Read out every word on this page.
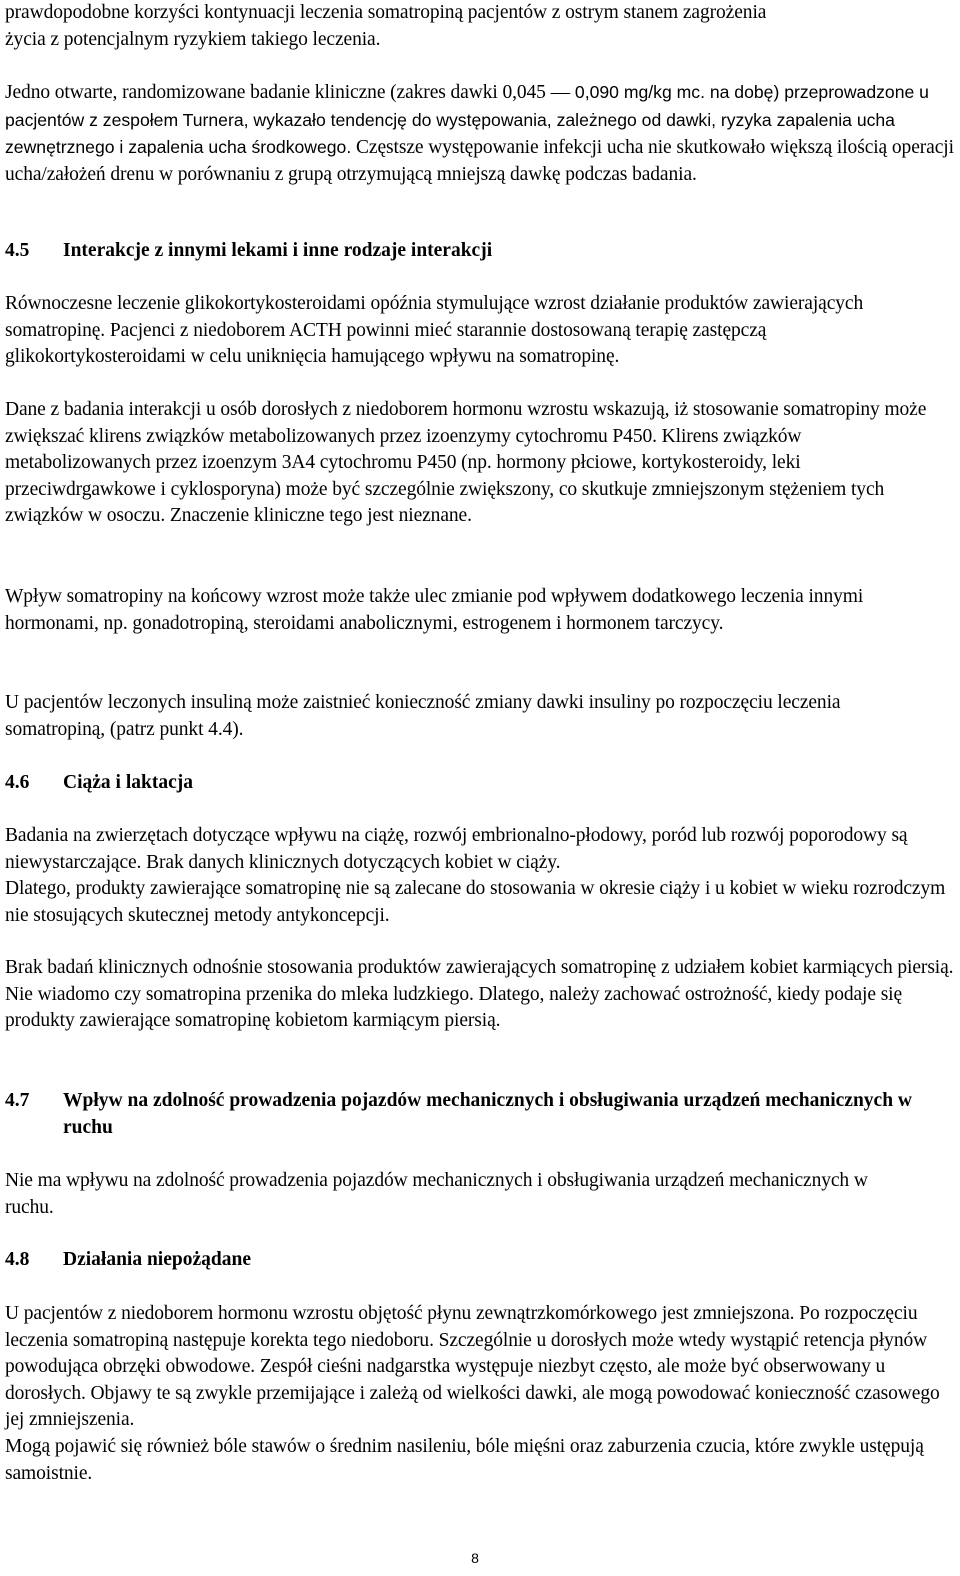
prawdopodobne korzyści kontynuacji leczenia somatropiną pacjentów z ostrym stanem zagrożenia
życia z potencjalnym ryzykiem takiego leczenia.

Jedno otwarte, randomizowane badanie kliniczne (zakres dawki 0,045 — 0,090 mg/kg mc. na dobę) przeprowadzone u pacjentów z zespołem Turnera, wykazało tendencję do występowania, zależnego od dawki, ryzyka zapalenia ucha zewnętrznego i zapalenia ucha środkowego. Częstsze występowanie infekcji ucha nie skutkowało większą ilością operacji ucha/założeń drenu w porównaniu z grupą otrzymującą mniejszą dawkę podczas badania.

4.5 Interakcje z innymi lekami i inne rodzaje interakcji

Równoczesne leczenie glikokortykosteroidami opóźnia stymulujące wzrost działanie produktów zawierających somatropinę. Pacjenci z niedoborem ACTH powinni mieć starannie dostosowaną terapię zastępczą glikokortykosteroidami w celu uniknięcia hamującego wpływu na somatropinę.

Dane z badania interakcji u osób dorosłych z niedoborem hormonu wzrostu wskazują, iż stosowanie somatropiny może zwiększać klirens związków metabolizowanych przez izoenzymy cytochromu P450. Klirens związków metabolizowanych przez izoenzym 3A4 cytochromu P450 (np. hormony płciowe, kortykosteroidy, leki przeciwdrgawkowe i cyklosporyna) może być szczególnie zwiększony, co skutkuje zmniejszonym stężeniem tych związków w osoczu. Znaczenie kliniczne tego jest nieznane.

Wpływ somatropiny na końcowy wzrost może także ulec zmianie pod wpływem dodatkowego leczenia innymi hormonami, np. gonadotropiną, steroidami anabolicznymi, estrogenem i hormonem tarczycy.

U pacjentów leczonych insuliną może zaistnieć konieczność zmiany dawki insuliny po rozpoczęciu leczenia somatropiną, (patrz punkt 4.4).

4.6 Ciąża i laktacja

Badania na zwierzętach dotyczące wpływu na ciążę, rozwój embrionalno-płodowy, poród lub rozwój poporodowy są niewystarczające. Brak danych klinicznych dotyczących kobiet w ciąży.
Dlatego, produkty zawierające somatropinę nie są zalecane do stosowania w okresie ciąży i u kobiet w wieku rozrodczym nie stosujących skutecznej metody antykoncepcji.

Brak badań klinicznych odnośnie stosowania produktów zawierających somatropinę z udziałem kobiet karmiących piersią. Nie wiadomo czy somatropina przenika do mleka ludzkiego. Dlatego, należy zachować ostrożność, kiedy podaje się produkty zawierające somatropinę kobietom karmiącym piersią.

4.7 Wpływ na zdolność prowadzenia pojazdów mechanicznych i obsługiwania urządzeń mechanicznych w ruchu

Nie ma wpływu na zdolność prowadzenia pojazdów mechanicznych i obsługiwania urządzeń mechanicznych w ruchu.

4.8 Działania niepożądane

U pacjentów z niedoborem hormonu wzrostu objętość płynu zewnątrzkomórkowego jest zmniejszona. Po rozpoczęciu leczenia somatropiną następuje korekta tego niedoboru. Szczególnie u dorosłych może wtedy wystąpić retencja płynów powodująca obrzęki obwodowe. Zespół cieśni nadgarstka występuje niezbyt często, ale może być obserwowany u dorosłych. Objawy te są zwykle przemijające i zależą od wielkości dawki, ale mogą powodować konieczność czasowego jej zmniejszenia.
Mogą pojawić się również bóle stawów o średnim nasileniu, bóle mięśni oraz zaburzenia czucia, które zwykle ustępują samoistnie.

8
